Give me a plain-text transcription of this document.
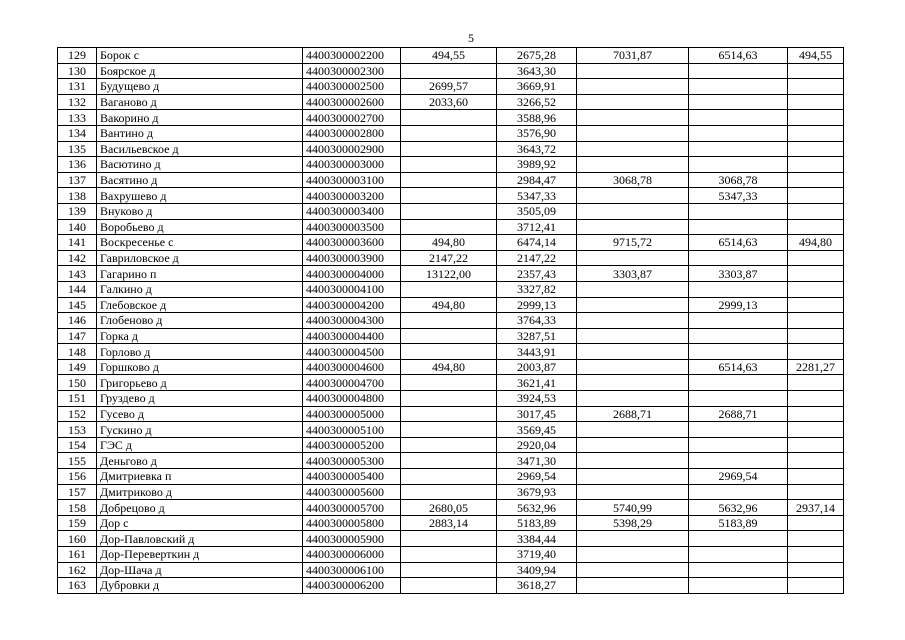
5
129	Борок с	4400300002200	494,55	2675,28	7031,87	6514,63	494,55
130	Боярское д	4400300002300		3643,30			
131	Будущево д	4400300002500	2699,57	3669,91			
132	Ваганово д	4400300002600	2033,60	3266,52			
133	Вакорино д	4400300002700		3588,96			
134	Вантино д	4400300002800		3576,90			
135	Васильевское д	4400300002900		3643,72			
136	Васютино д	4400300003000		3989,92			
137	Васятино д	4400300003100		2984,47	3068,78	3068,78	
138	Вахрушево д	4400300003200		5347,33		5347,33	
139	Внуково д	4400300003400		3505,09			
140	Воробьево д	4400300003500		3712,41			
141	Воскресенье с	4400300003600	494,80	6474,14	9715,72	6514,63	494,80
142	Гавриловское д	4400300003900	2147,22	2147,22			
143	Гагарино п	4400300004000	13122,00	2357,43	3303,87	3303,87	
144	Галкино д	4400300004100		3327,82			
145	Глебовское д	4400300004200	494,80	2999,13		2999,13	
146	Глобеново д	4400300004300		3764,33			
147	Горка д	4400300004400		3287,51			
148	Горлово д	4400300004500		3443,91			
149	Горшково д	4400300004600	494,80	2003,87		6514,63	2281,27
150	Григорьево д	4400300004700		3621,41			
151	Груздево д	4400300004800		3924,53			
152	Гусево д	4400300005000		3017,45	2688,71	2688,71	
153	Гускино д	4400300005100		3569,45			
154	ГЭС д	4400300005200		2920,04			
155	Деньгово д	4400300005300		3471,30			
156	Дмитриевка п	4400300005400		2969,54		2969,54	
157	Дмитриково д	4400300005600		3679,93			
158	Добрецово д	4400300005700	2680,05	5632,96	5740,99	5632,96	2937,14
159	Дор с	4400300005800	2883,14	5183,89	5398,29	5183,89	
160	Дор-Павловский д	4400300005900		3384,44			
161	Дор-Переверткин д	4400300006000		3719,40			
162	Дор-Шача д	4400300006100		3409,94			
163	Дубровки д	4400300006200		3618,27			
